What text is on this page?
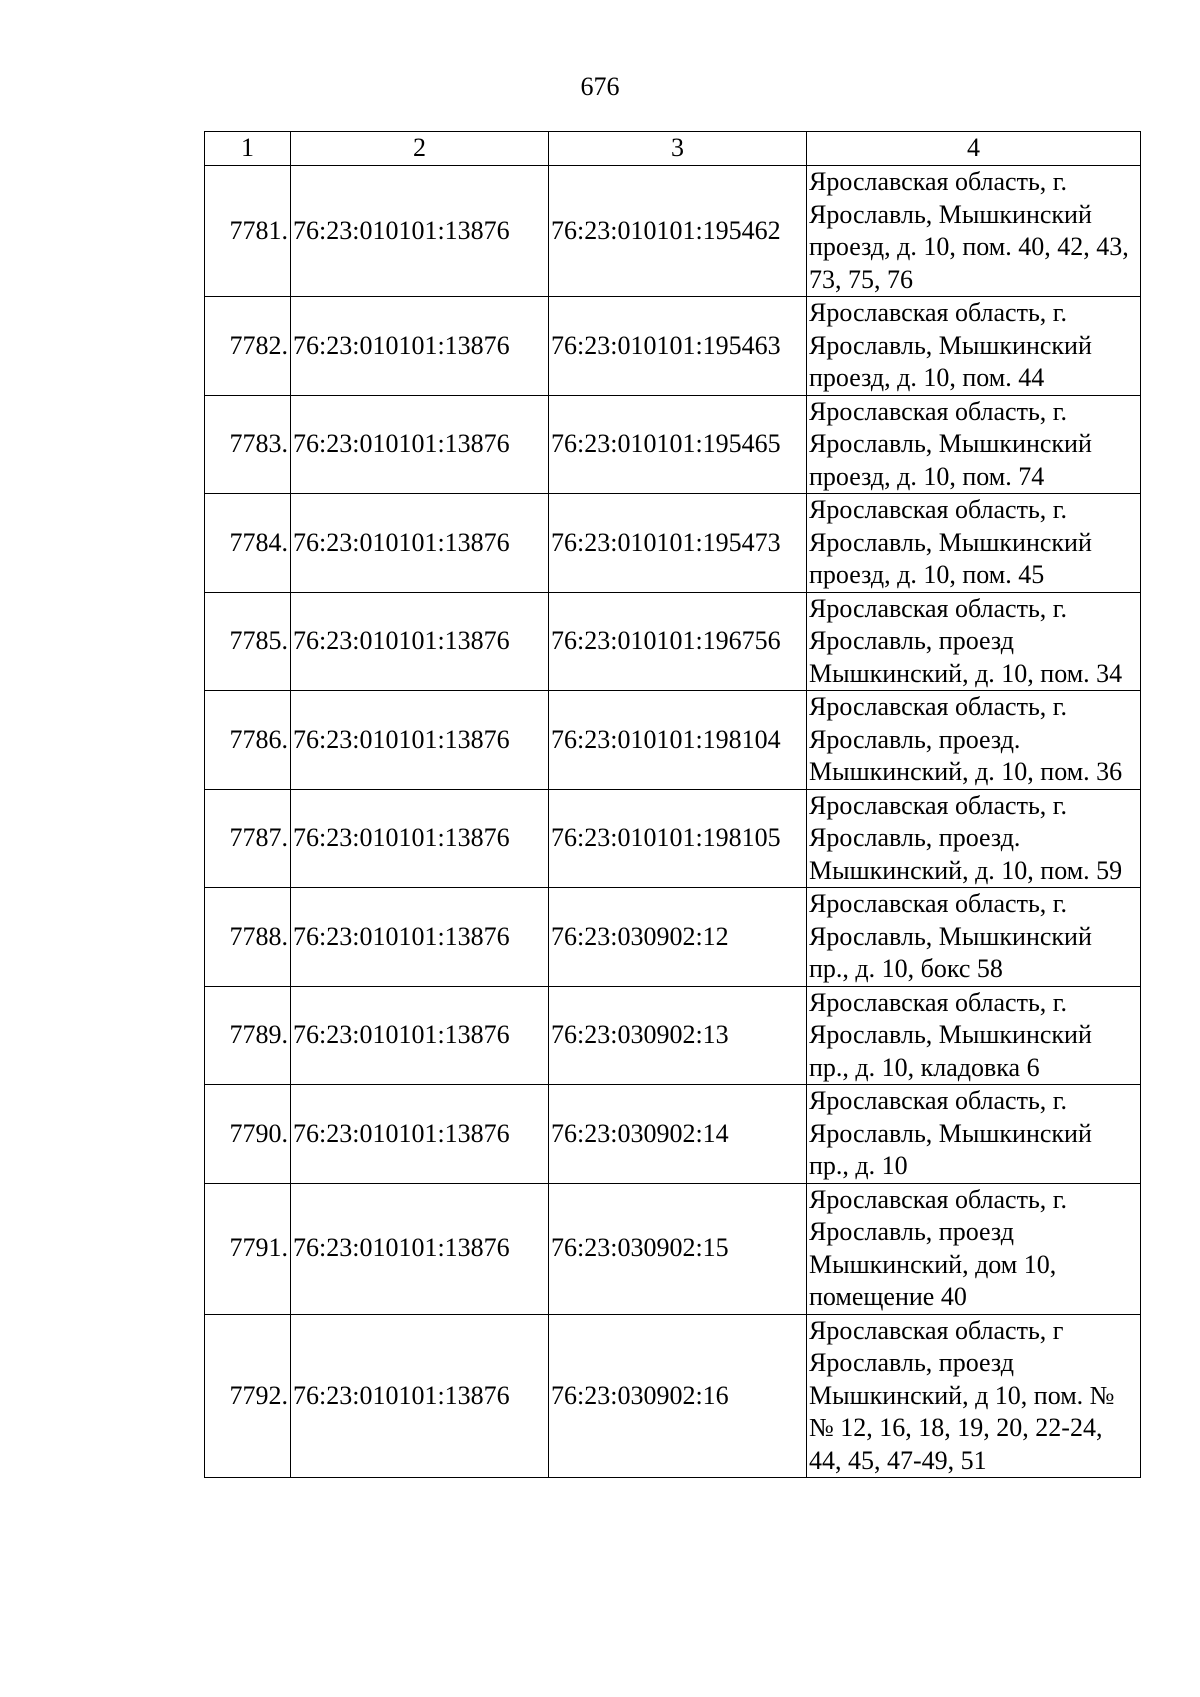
676
1	2	3	4
7781.	76:23:010101:13876	76:23:010101:195462	Ярославская область, г. Ярославль, Мышкинский проезд, д. 10, пом. 40, 42, 43, 73, 75, 76
7782.	76:23:010101:13876	76:23:010101:195463	Ярославская область, г. Ярославль, Мышкинский проезд, д. 10, пом. 44
7783.	76:23:010101:13876	76:23:010101:195465	Ярославская область, г. Ярославль, Мышкинский проезд, д. 10, пом. 74
7784.	76:23:010101:13876	76:23:010101:195473	Ярославская область, г. Ярославль, Мышкинский проезд, д. 10, пом. 45
7785.	76:23:010101:13876	76:23:010101:196756	Ярославская область, г. Ярославль, проезд Мышкинский, д. 10, пом. 34
7786.	76:23:010101:13876	76:23:010101:198104	Ярославская область, г. Ярославль, проезд. Мышкинский, д. 10, пом. 36
7787.	76:23:010101:13876	76:23:010101:198105	Ярославская область, г. Ярославль, проезд. Мышкинский, д. 10, пом. 59
7788.	76:23:010101:13876	76:23:030902:12	Ярославская область, г. Ярославль, Мышкинский пр., д. 10, бокс 58
7789.	76:23:010101:13876	76:23:030902:13	Ярославская область, г. Ярославль, Мышкинский пр., д. 10, кладовка 6
7790.	76:23:010101:13876	76:23:030902:14	Ярославская область, г. Ярославль, Мышкинский пр., д. 10
7791.	76:23:010101:13876	76:23:030902:15	Ярославская область, г. Ярославль, проезд Мышкинский, дом 10, помещение 40
7792.	76:23:010101:13876	76:23:030902:16	Ярославская область, г Ярославль, проезд Мышкинский, д 10, пом. №№ 12, 16, 18, 19, 20, 22-24, 44, 45, 47-49, 51
